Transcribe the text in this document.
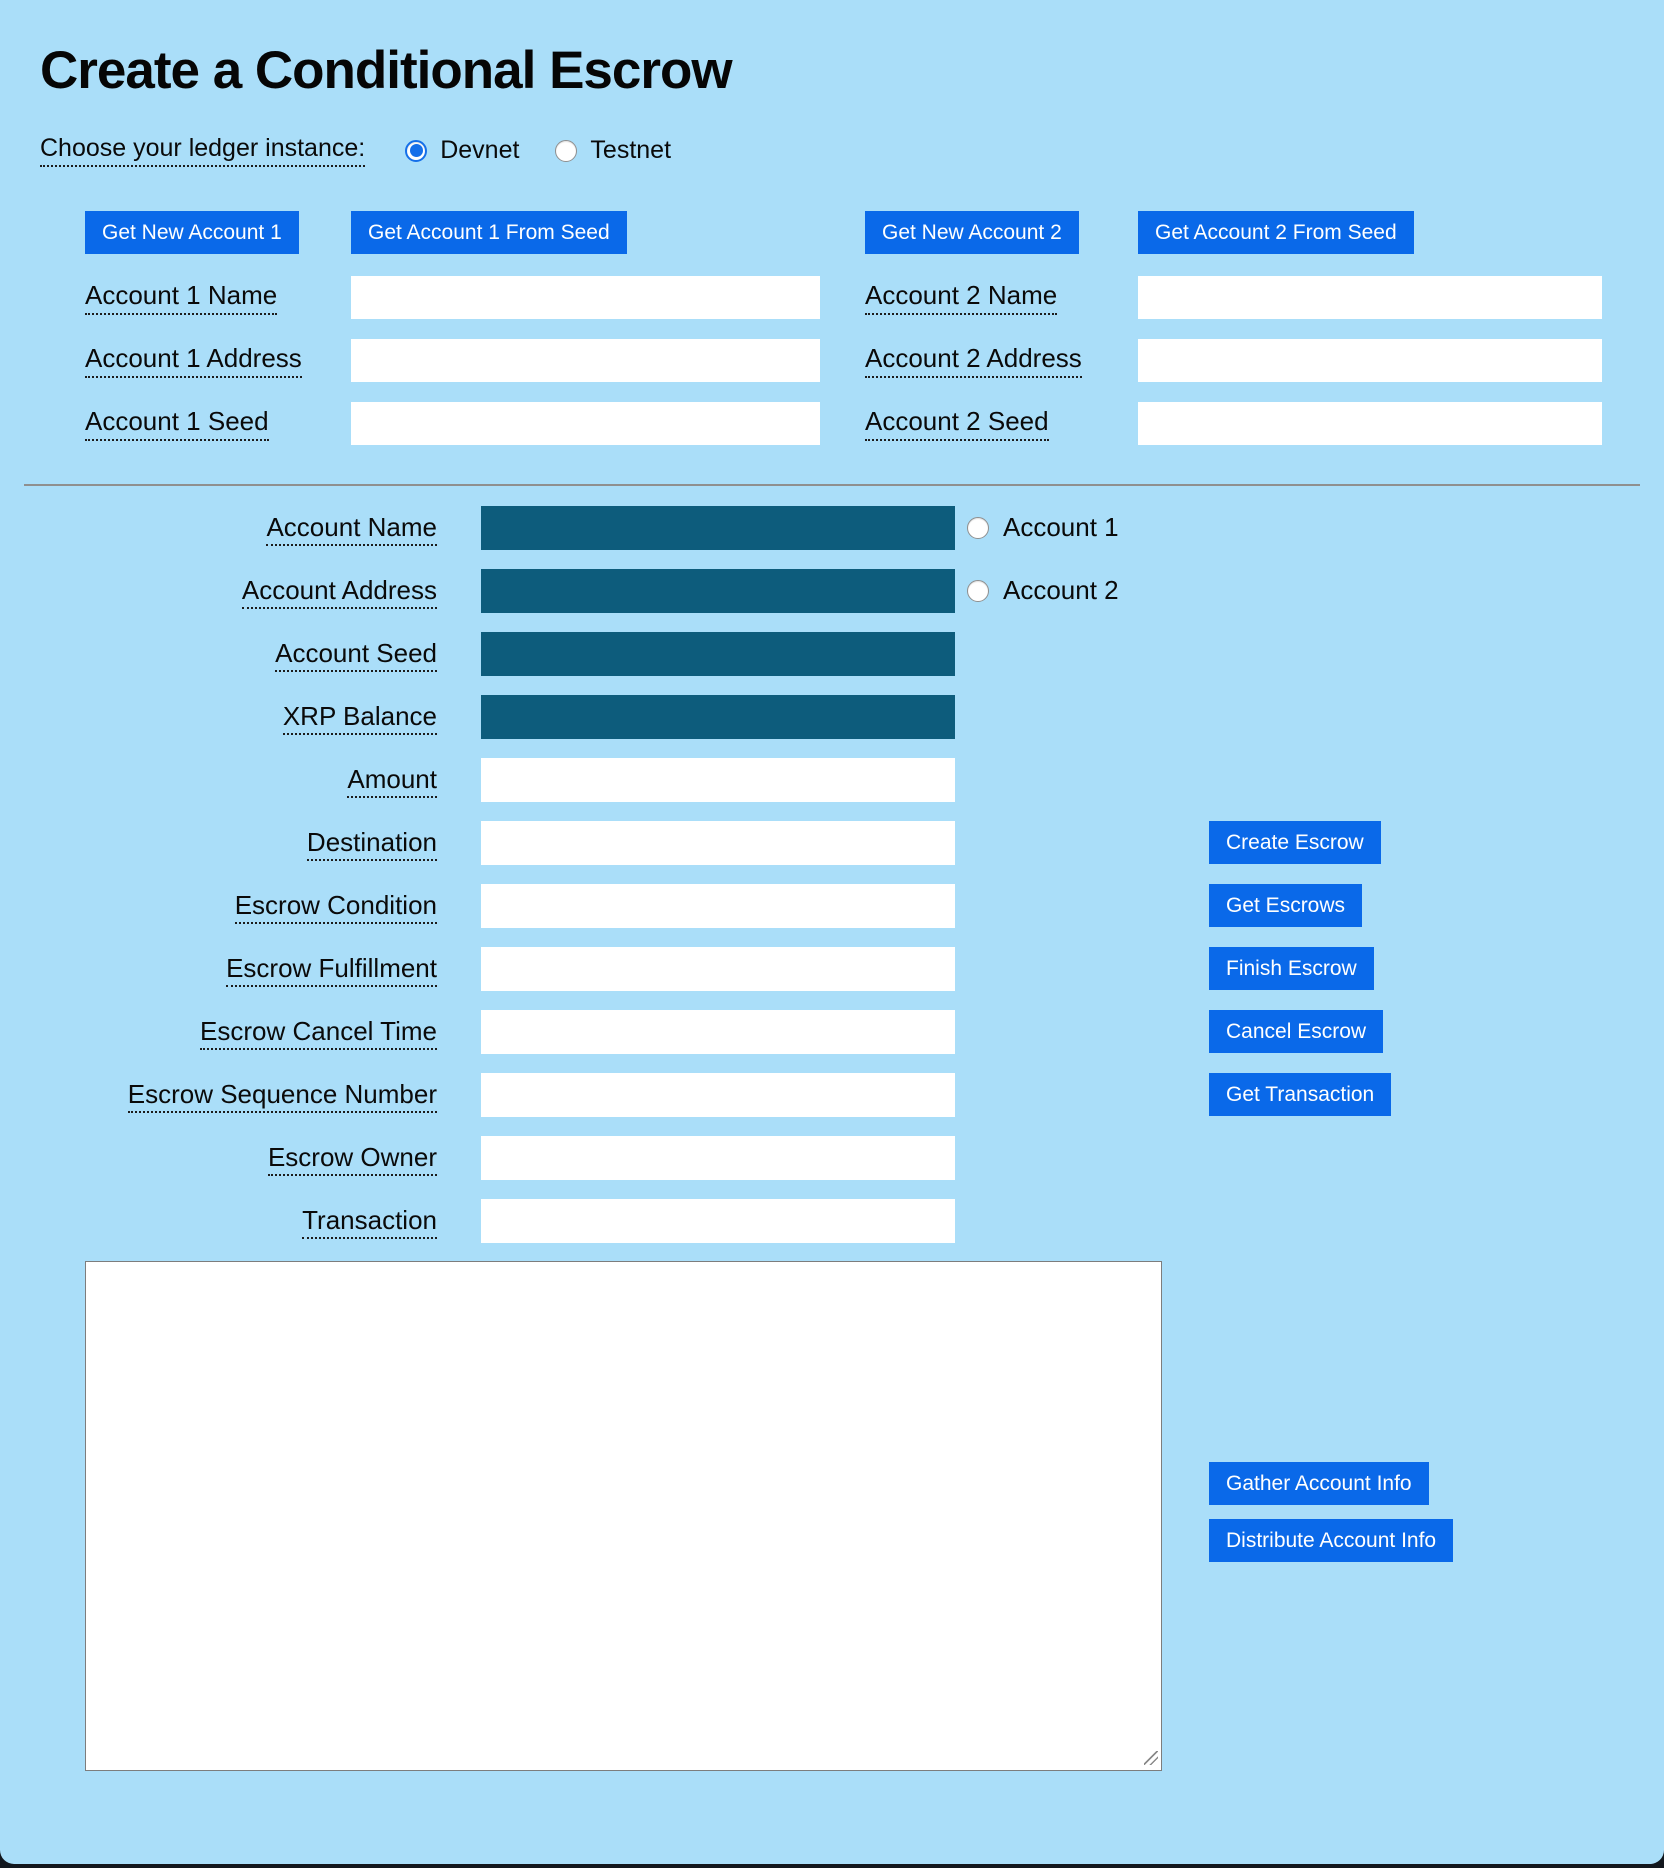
Create a Conditional Escrow
Choose your ledger instance:	Devnet	Testnet
Get New Account 1	Get Account 1 From Seed	Get New Account 2	Get Account 2 From Seed
Account 1 Name	Account 2 Name
Account 1 Address	Account 2 Address
Account 1 Seed	Account 2 Seed
Account Name	Account 1
Account Address	Account 2
Account Seed
XRP Balance
Amount
Destination	Create Escrow
Escrow Condition	Get Escrows
Escrow Fulfillment	Finish Escrow
Escrow Cancel Time	Cancel Escrow
Escrow Sequence Number	Get Transaction
Escrow Owner
Transaction
Gather Account Info
Distribute Account Info
